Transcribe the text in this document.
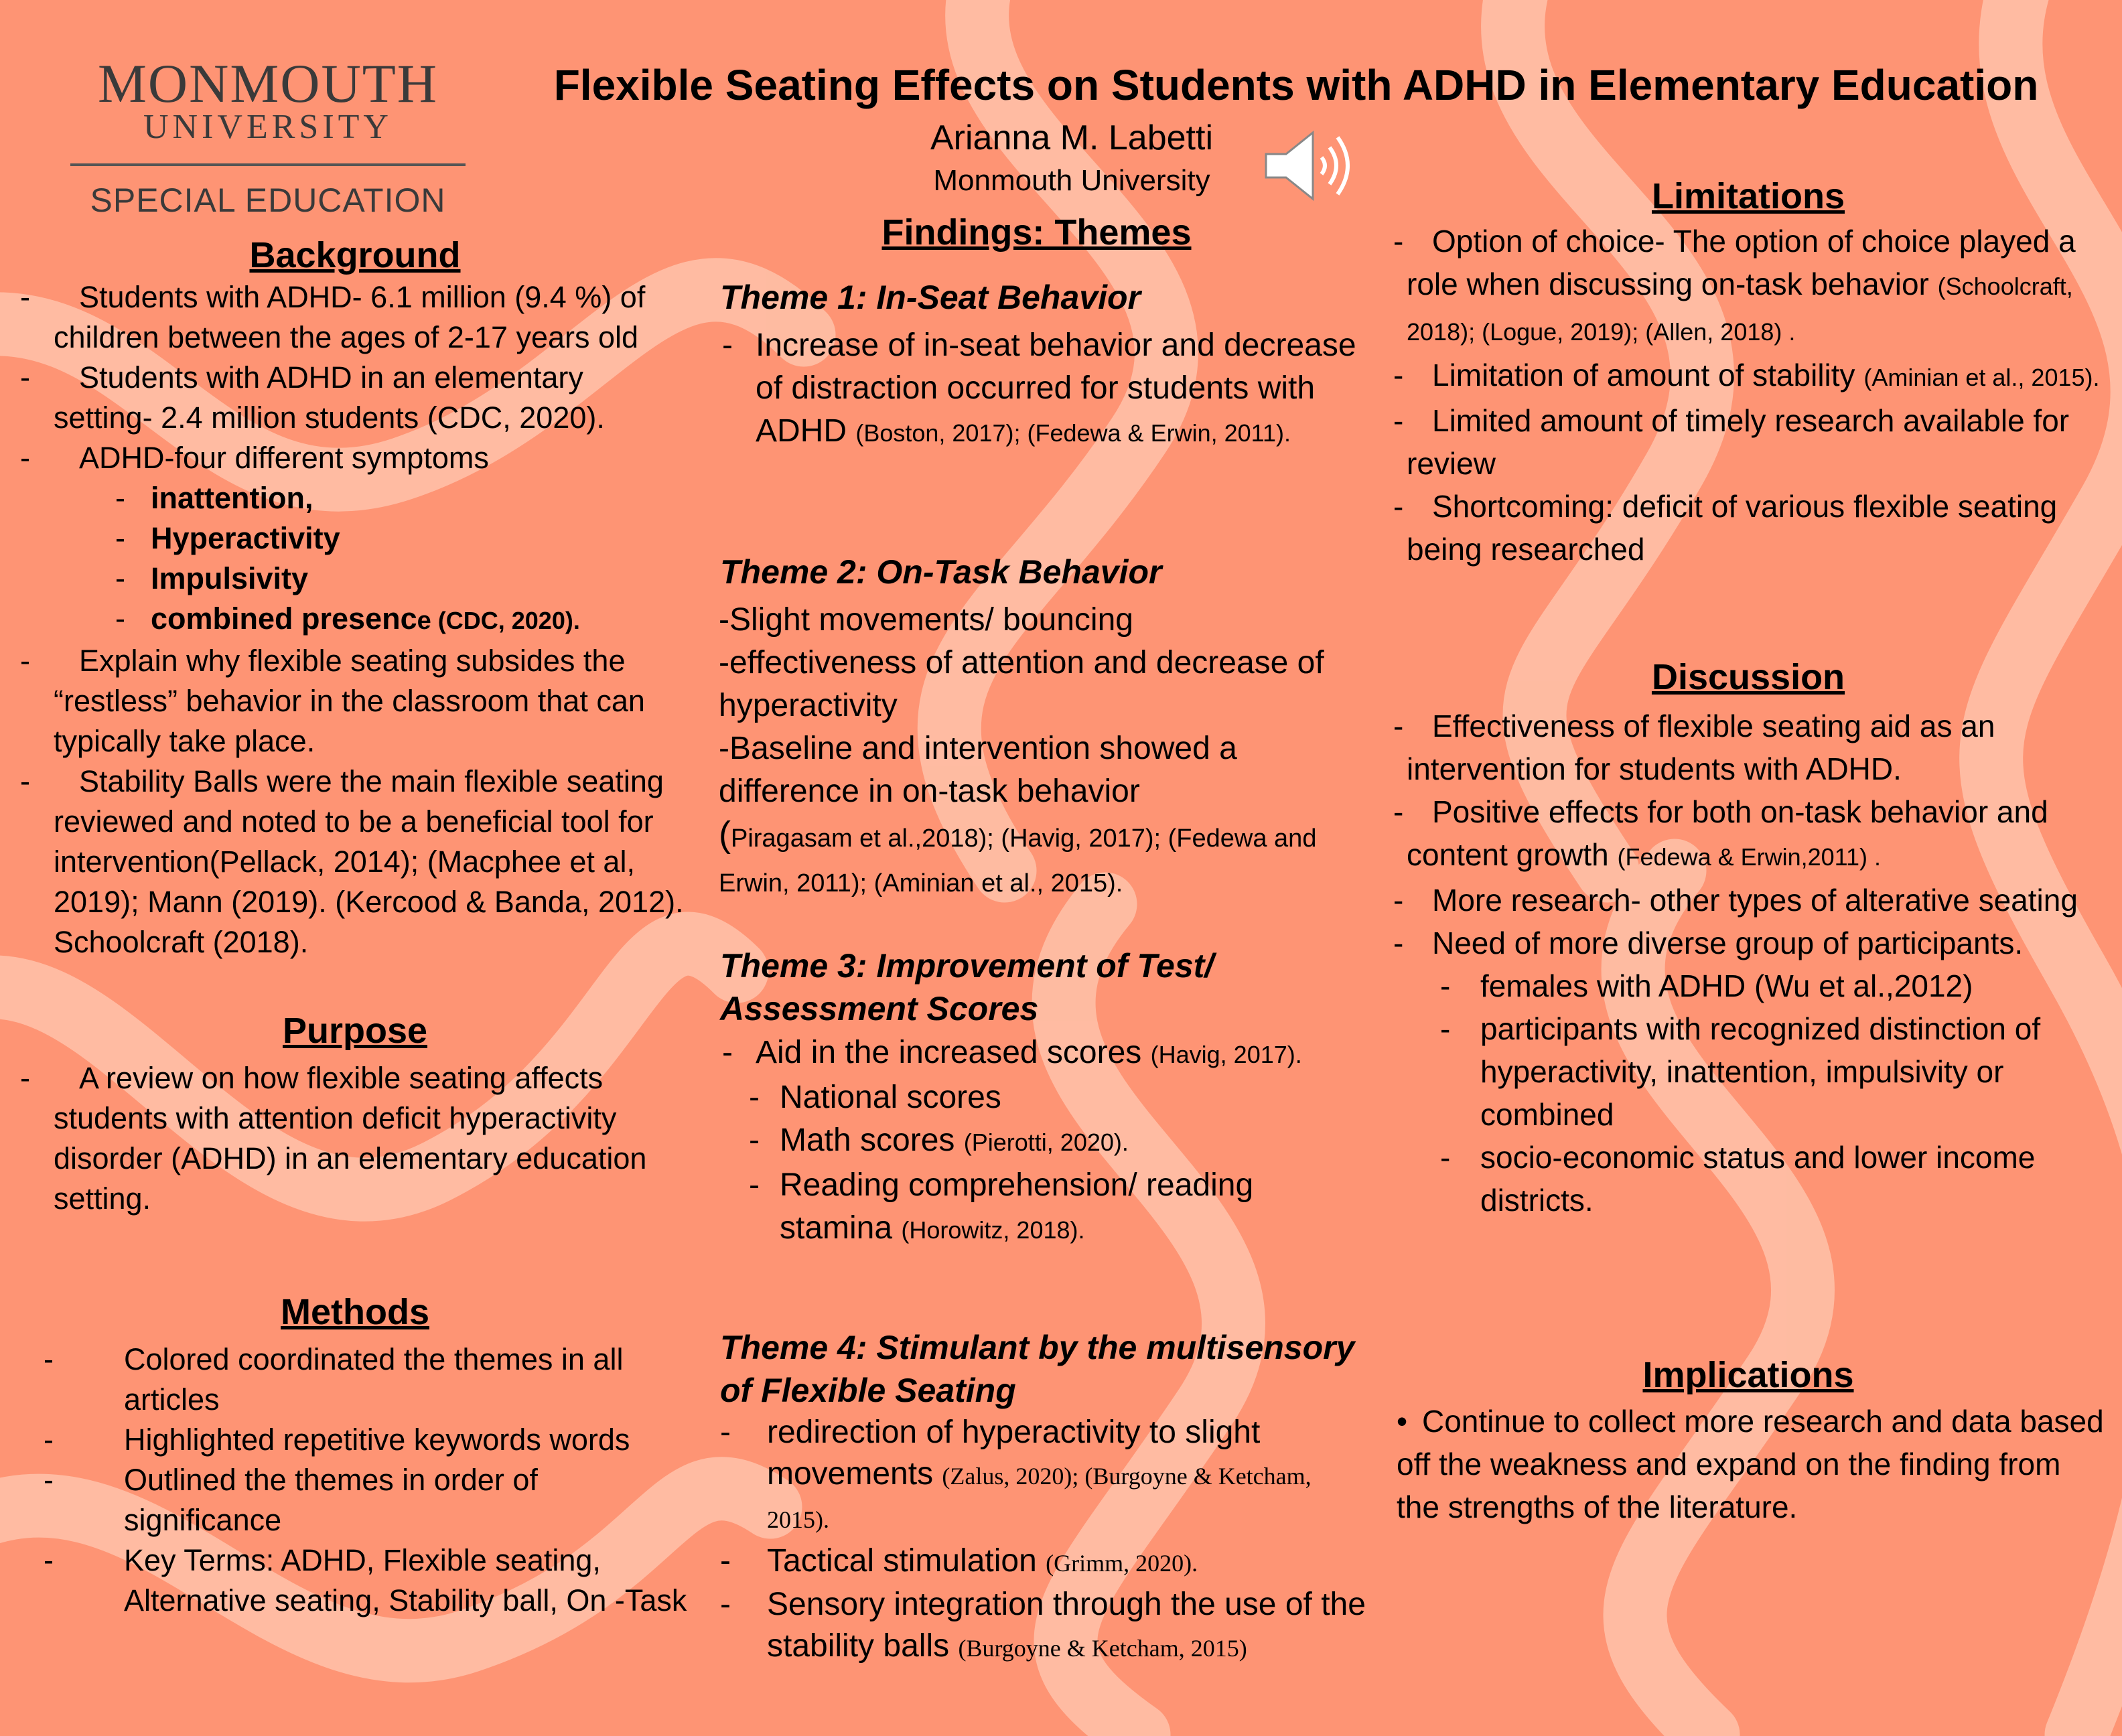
MONMOUTH
UNIVERSITY
SPECIAL EDUCATION
Flexible Seating Effects on Students with ADHD in Elementary Education
Arianna M. Labetti
Monmouth University
Background
- Students with ADHD- 6.1 million (9.4 %) of children between the ages of 2-17 years old
- Students with ADHD in an elementary setting- 2.4 million students (CDC, 2020).
- ADHD-four different symptoms
- inattention,
- Hyperactivity
- Impulsivity
- combined presence (CDC, 2020).
- Explain why flexible seating subsides the “restless” behavior in the classroom that can typically take place.
- Stability Balls were the main flexible seating reviewed and noted to be a beneficial tool for intervention(Pellack, 2014); (Macphee et al, 2019); Mann (2019). (Kercood & Banda, 2012). Schoolcraft (2018).
Purpose
- A review on how flexible seating affects students with attention deficit hyperactivity disorder (ADHD) in an elementary education setting.
Methods
- Colored coordinated the themes in all articles
- Highlighted repetitive keywords words
- Outlined the themes in order of significance
- Key Terms: ADHD, Flexible seating, Alternative seating, Stability ball, On -Task
Findings: Themes
Theme 1: In-Seat Behavior
- Increase of in-seat behavior and decrease of distraction occurred for students with ADHD (Boston, 2017); (Fedewa & Erwin, 2011).
Theme 2: On-Task Behavior
-Slight movements/ bouncing
-effectiveness of attention and decrease of hyperactivity
-Baseline and intervention showed a difference in on-task behavior
(Piragasam et al.,2018); (Havig, 2017); (Fedewa and Erwin, 2011); (Aminian et al., 2015).
Theme 3: Improvement of Test/ Assessment Scores
- Aid in the increased scores (Havig, 2017).
- National scores
- Math scores (Pierotti, 2020).
- Reading comprehension/ reading stamina (Horowitz, 2018).
Theme 4: Stimulant by the multisensory of Flexible Seating
- redirection of hyperactivity to slight movements (Zalus, 2020); (Burgoyne & Ketcham, 2015).
- Tactical stimulation (Grimm, 2020).
- Sensory integration through the use of the stability balls (Burgoyne & Ketcham, 2015)
Limitations
- Option of choice- The option of choice played a role when discussing on-task behavior (Schoolcraft, 2018); (Logue, 2019); (Allen, 2018) .
- Limitation of amount of stability (Aminian et al., 2015).
- Limited amount of timely research available for review
- Shortcoming: deficit of various flexible seating being researched
Discussion
- Effectiveness of flexible seating aid as an intervention for students with ADHD.
- Positive effects for both on-task behavior and content growth (Fedewa & Erwin,2011) .
- More research- other types of alterative seating
- Need of more diverse group of participants.
- females with ADHD (Wu et al.,2012)
- participants with recognized distinction of hyperactivity, inattention, impulsivity or combined
- socio-economic status and lower income districts.
Implications
• Continue to collect more research and data based off the weakness and expand on the finding from the strengths of the literature.
